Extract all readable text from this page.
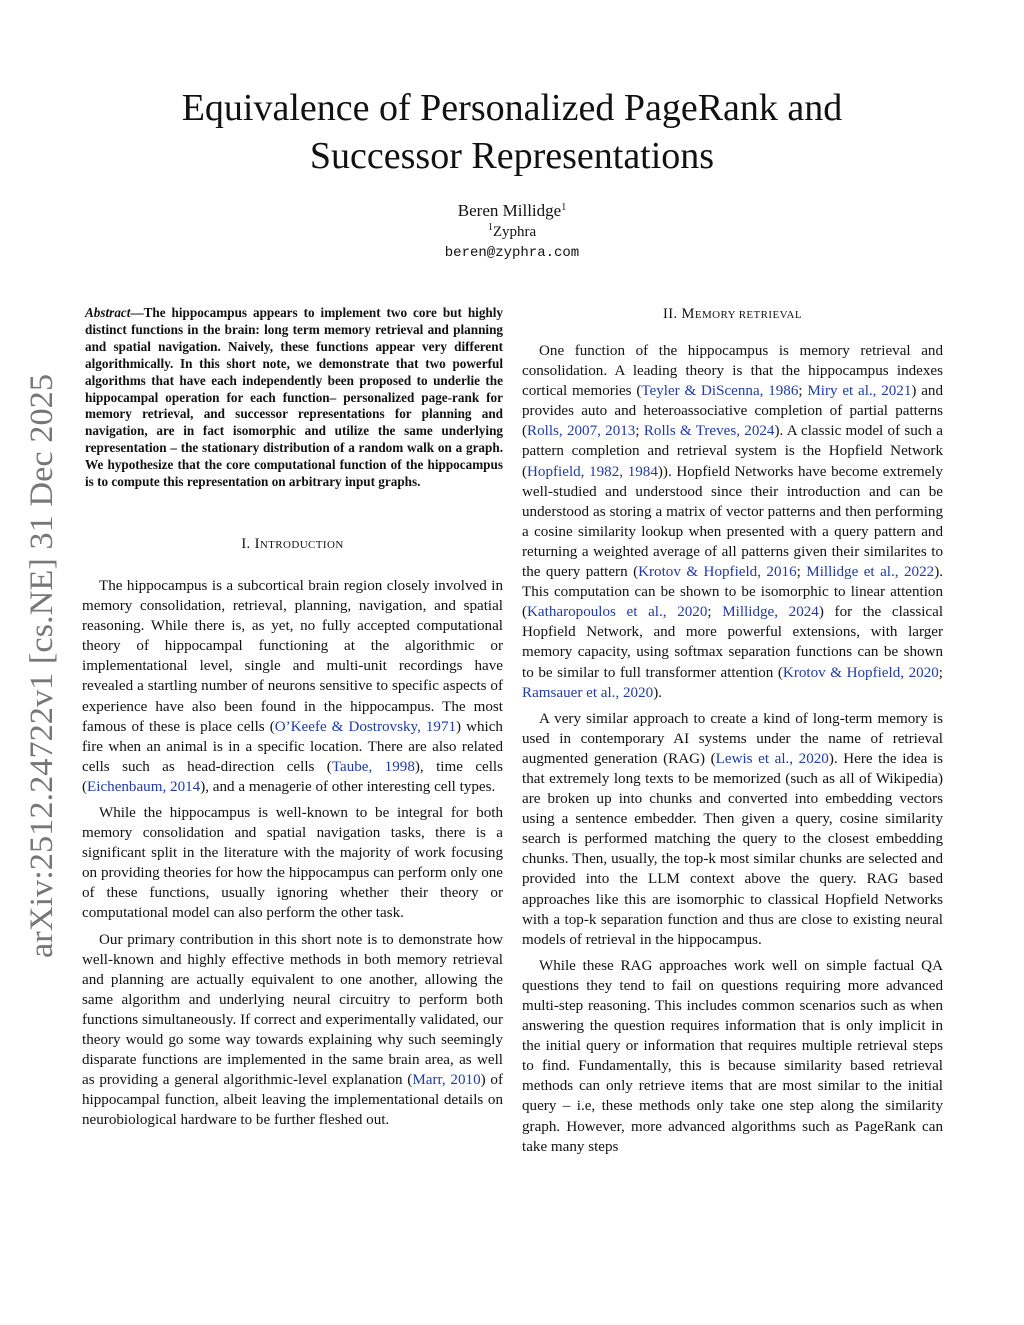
arXiv:2512.24722v1 [cs.NE] 31 Dec 2025
Equivalence of Personalized PageRank and
Successor Representations
Beren Millidge$^1$
$^1$Zyphra
beren@zyphra.com

Abstract—The hippocampus appears to implement two core but highly distinct functions in the brain: long term memory retrieval and planning and spatial navigation. Naively, these functions appear very different algorithmically. In this short note, we demonstrate that two powerful algorithms that have each independently been proposed to underlie the hippocampal operation for each function– personalized page-rank for memory retrieval, and successor representations for planning and navigation, are in fact isomorphic and utilize the same underlying representation – the stationary distribution of a random walk on a graph. We hypothesize that the core computational function of the hippocampus is to compute this representation on arbitrary input graphs.

I. INTRODUCTION

The hippocampus is a subcortical brain region closely involved in memory consolidation, retrieval, planning, navigation, and spatial reasoning. While there is, as yet, no fully accepted computational theory of hippocampal functioning at the algorithmic or implementational level, single and multi-unit recordings have revealed a startling number of neurons sensitive to specific aspects of experience have also been found in the hippocampus. The most famous of these is place cells (O’Keefe & Dostrovsky, 1971) which fire when an animal is in a specific location. There are also related cells such as head-direction cells (Taube, 1998), time cells (Eichenbaum, 2014), and a menagerie of other interesting cell types.

While the hippocampus is well-known to be integral for both memory consolidation and spatial navigation tasks, there is a significant split in the literature with the majority of work focusing on providing theories for how the hippocampus can perform only one of these functions, usually ignoring whether their theory or computational model can also perform the other task.

Our primary contribution in this short note is to demonstrate how well-known and highly effective methods in both memory retrieval and planning are actually equivalent to one another, allowing the same algorithm and underlying neural circuitry to perform both functions simultaneously. If correct and experimentally validated, our theory would go some way towards explaining why such seemingly disparate functions are implemented in the same brain area, as well as providing a general algorithmic-level explanation (Marr, 2010) of hippocampal function, albeit leaving the implementational details on neurobiological hardware to be further fleshed out.

II. MEMORY RETRIEVAL

One function of the hippocampus is memory retrieval and consolidation. A leading theory is that the hippocampus indexes cortical memories (Teyler & DiScenna, 1986; Miry et al., 2021) and provides auto and heteroassociative completion of partial patterns (Rolls, 2007, 2013; Rolls & Treves, 2024). A classic model of such a pattern completion and retrieval system is the Hopfield Network (Hopfield, 1982, 1984)). Hopfield Networks have become extremely well-studied and understood since their introduction and can be understood as storing a matrix of vector patterns and then performing a cosine similarity lookup when presented with a query pattern and returning a weighted average of all patterns given their similarites to the query pattern (Krotov & Hopfield, 2016; Millidge et al., 2022). This computation can be shown to be isomorphic to linear attention (Katharopoulos et al., 2020; Millidge, 2024) for the classical Hopfield Network, and more powerful extensions, with larger memory capacity, using softmax separation functions can be shown to be similar to full transformer attention (Krotov & Hopfield, 2020; Ramsauer et al., 2020).

A very similar approach to create a kind of long-term memory is used in contemporary AI systems under the name of retrieval augmented generation (RAG) (Lewis et al., 2020). Here the idea is that extremely long texts to be memorized (such as all of Wikipedia) are broken up into chunks and converted into embedding vectors using a sentence embedder. Then given a query, cosine similarity search is performed matching the query to the closest embedding chunks. Then, usually, the top-k most similar chunks are selected and provided into the LLM context above the query. RAG based approaches like this are isomorphic to classical Hopfield Networks with a top-k separation function and thus are close to existing neural models of retrieval in the hippocampus.

While these RAG approaches work well on simple factual QA questions they tend to fail on questions requiring more advanced multi-step reasoning. This includes common scenarios such as when answering the question requires information that is only implicit in the initial query or information that requires multiple retrieval steps to find. Fundamentally, this is because similarity based retrieval methods can only retrieve items that are most similar to the initial query – i.e, these methods only take one step along the similarity graph. However, more advanced algorithms such as PageRank can take many steps
